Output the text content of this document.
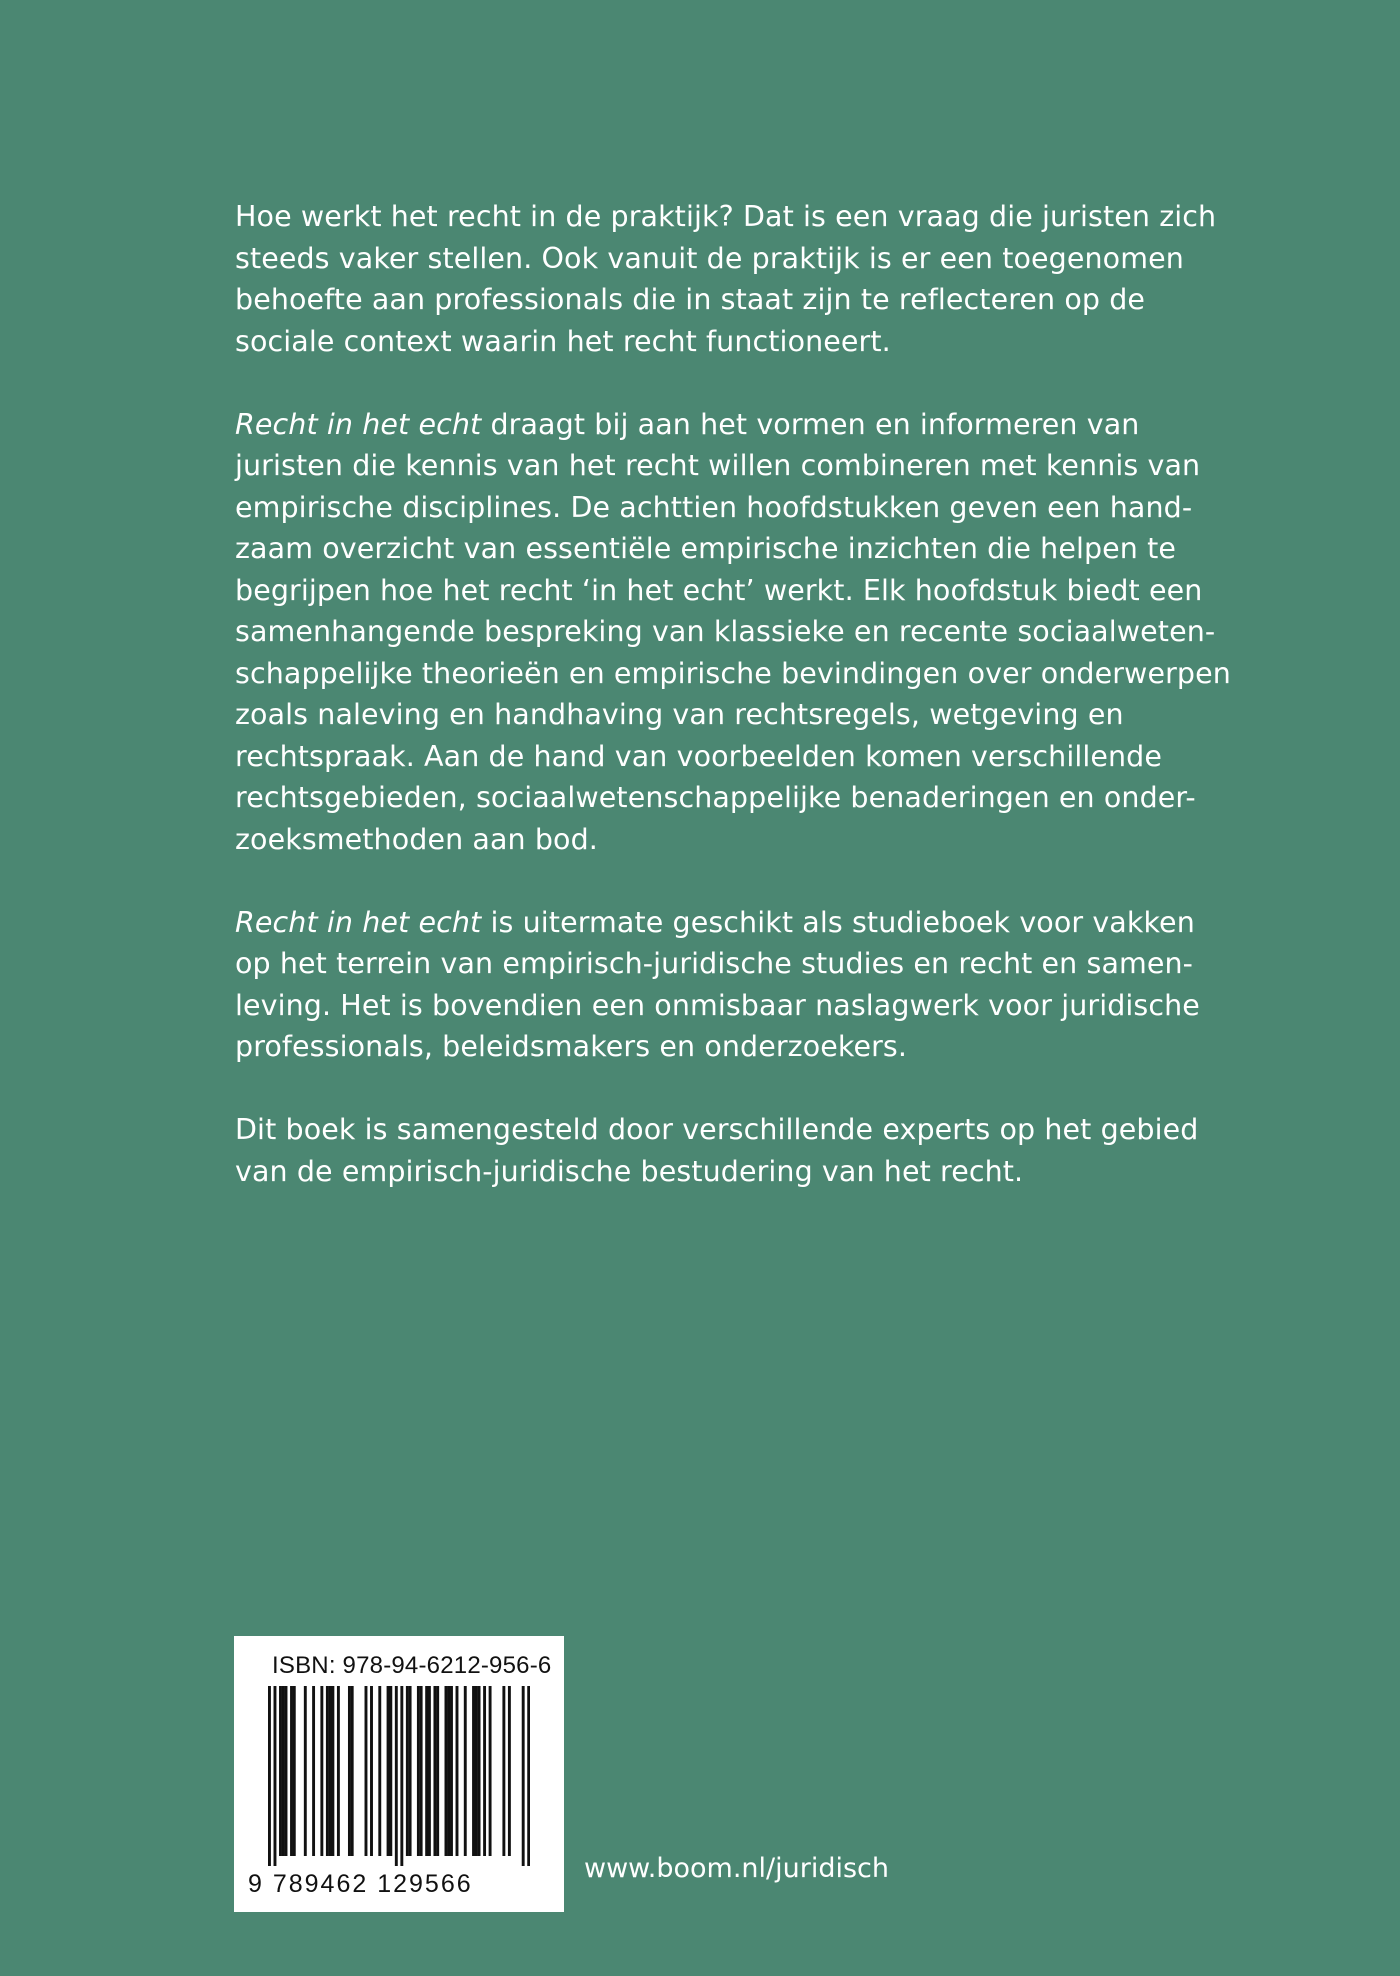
Hoe werkt het recht in de praktijk? Dat is een vraag die juristen zich
steeds vaker stellen. Ook vanuit de praktijk is er een toegenomen
behoefte aan professionals die in staat zijn te reflecteren op de
sociale context waarin het recht functioneert.

Recht in het echt draagt bij aan het vormen en informeren van
juristen die kennis van het recht willen combineren met kennis van
empirische disciplines. De achttien hoofdstukken geven een hand-
zaam overzicht van essentiële empirische inzichten die helpen te
begrijpen hoe het recht ‘in het echt’ werkt. Elk hoofdstuk biedt een
samenhangende bespreking van klassieke en recente sociaalweten-
schappelijke theorieën en empirische bevindingen over onderwerpen
zoals naleving en handhaving van rechtsregels, wetgeving en
rechtspraak. Aan de hand van voorbeelden komen verschillende
rechtsgebieden, sociaalwetenschappelijke benaderingen en onder-
zoeksmethoden aan bod.

Recht in het echt is uitermate geschikt als studieboek voor vakken
op het terrein van empirisch-juridische studies en recht en samen-
leving. Het is bovendien een onmisbaar naslagwerk voor juridische
professionals, beleidsmakers en onderzoekers.

Dit boek is samengesteld door verschillende experts op het gebied
van de empirisch-juridische bestudering van het recht.

ISBN: 978-94-6212-956-6
9 789462 129566	www.boom.nl/juridisch
